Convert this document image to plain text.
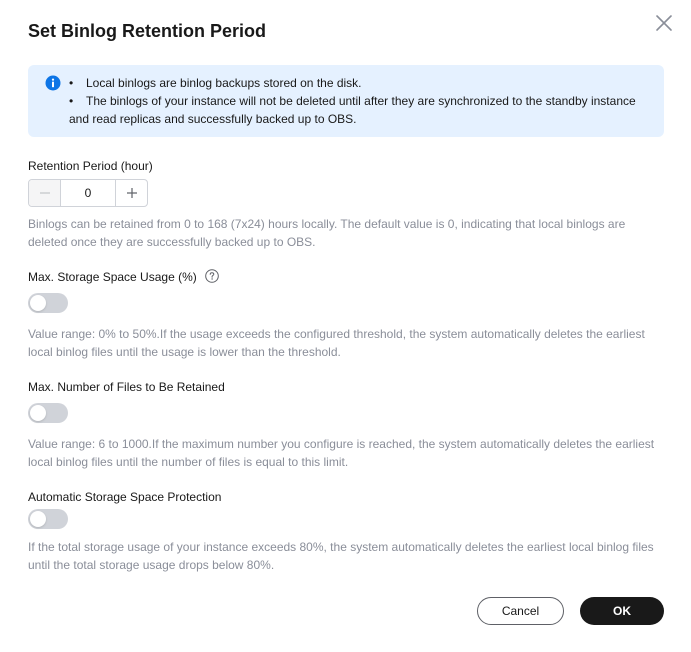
Set Binlog Retention Period
• Local binlogs are binlog backups stored on the disk.
• The binlogs of your instance will not be deleted until after they are synchronized to the standby instance
and read replicas and successfully backed up to OBS.
Retention Period (hour)
0
Binlogs can be retained from 0 to 168 (7x24) hours locally. The default value is 0, indicating that local binlogs are
deleted once they are successfully backed up to OBS.
Max. Storage Space Usage (%)
Value range: 0% to 50%.If the usage exceeds the configured threshold, the system automatically deletes the earliest
local binlog files until the usage is lower than the threshold.
Max. Number of Files to Be Retained
Value range: 6 to 1000.If the maximum number you configure is reached, the system automatically deletes the earliest
local binlog files until the number of files is equal to this limit.
Automatic Storage Space Protection
If the total storage usage of your instance exceeds 80%, the system automatically deletes the earliest local binlog files
until the total storage usage drops below 80%.
Cancel	OK
